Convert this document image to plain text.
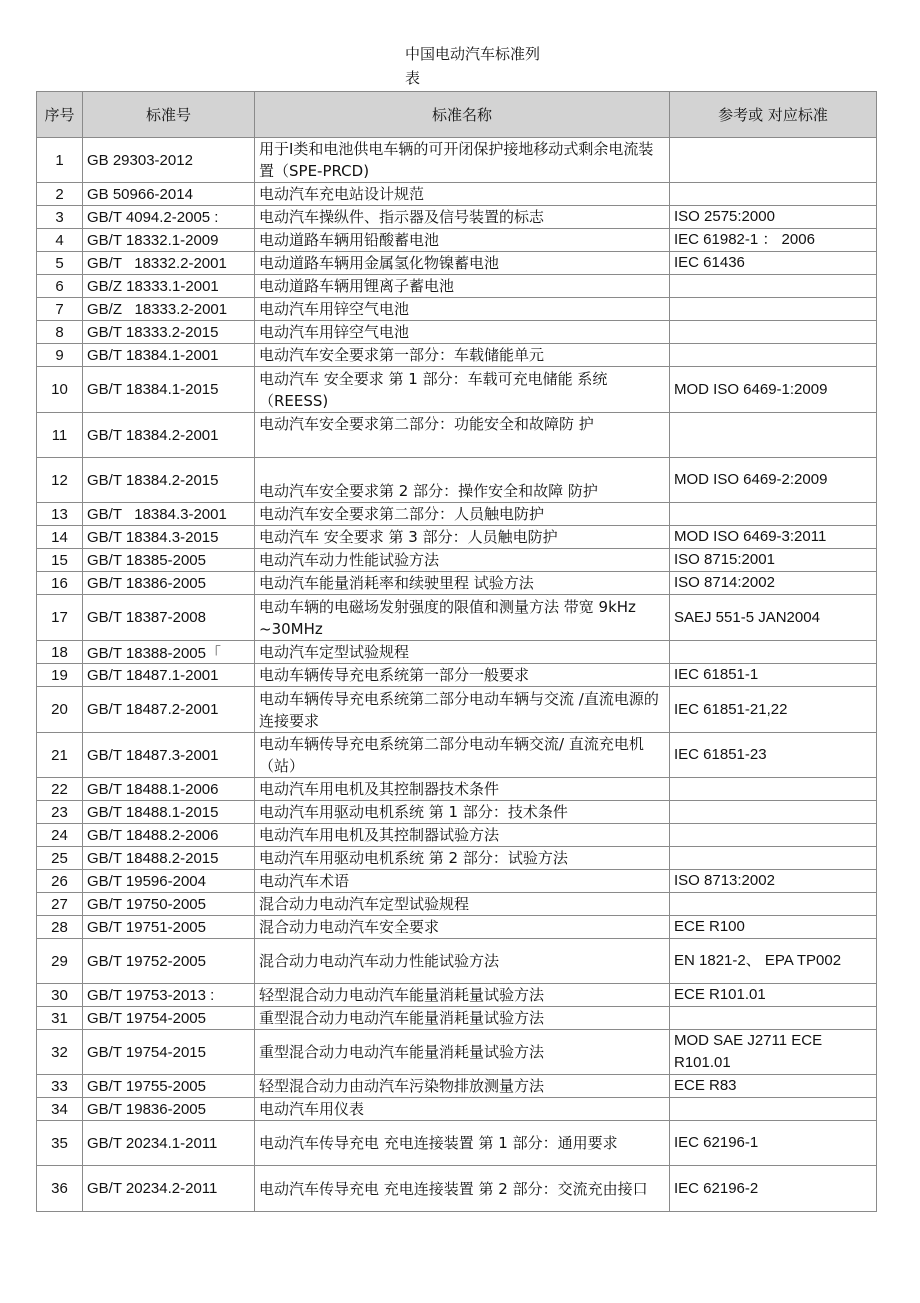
中国电动汽车标准列
表
序号	标准号	标准名称	参考或 对应标准
1	GB 29303-2012	用于Ⅰ类和电池供电车辆的可开闭保护接地移动式剩余电流装置（SPE-PRCD)	
2	GB 50966-2014	电动汽车充电站设计规范	
3	GB/T 4094.2-2005 :	电动汽车操纵件、指示器及信号装置的标志	ISO 2575:2000
4	GB/T 18332.1-2009	电动道路车辆用铅酸蓄电池	IEC 61982-1 ： 2006
5	GB/T   18332.2-2001	电动道路车辆用金属氢化物镍蓄电池	IEC 61436
6	GB/Z 18333.1-2001	电动道路车辆用锂离子蓄电池	
7	GB/Z   18333.2-2001	电动汽车用锌空气电池	
8	GB/T 18333.2-2015	电动汽车用锌空气电池	
9	GB/T 18384.1-2001	电动汽车安全要求第一部分：车载储能单元	
10	GB/T 18384.1-2015	电动汽车 安全要求 第 1 部分：车载可充电储能 系统（REESS)	MOD ISO 6469-1:2009
11	GB/T 18384.2-2001	电动汽车安全要求第二部分：功能安全和故障防 护	
12	GB/T 18384.2-2015	电动汽车安全要求第 2 部分：操作安全和故障 防护	MOD ISO 6469-2:2009
13	GB/T   18384.3-2001	电动汽车安全要求第二部分：人员触电防护	
14	GB/T 18384.3-2015	电动汽车 安全要求 第 3 部分：人员触电防护	MOD ISO 6469-3:2011
15	GB/T 18385-2005	电动汽车动力性能试验方法	ISO 8715:2001
16	GB/T 18386-2005	电动汽车能量消耗率和续驶里程 试验方法	ISO 8714:2002
17	GB/T 18387-2008	电动车辆的电磁场发射强度的限值和测量方法 带宽 9kHz ~30MHz	SAEJ 551-5 JAN2004
18	GB/T 18388-2005「	电动汽车定型试验规程	
19	GB/T 18487.1-2001	电动车辆传导充电系统第一部分一般要求	IEC 61851-1
20	GB/T 18487.2-2001	电动车辆传导充电系统第二部分电动车辆与交流 /直流电源的连接要求	IEC 61851-21,22
21	GB/T 18487.3-2001	电动车辆传导充电系统第二部分电动车辆交流/ 直流充电机（站）	IEC 61851-23
22	GB/T 18488.1-2006	电动汽车用电机及其控制器技术条件	
23	GB/T 18488.1-2015	电动汽车用驱动电机系统 第 1 部分：技术条件	
24	GB/T 18488.2-2006	电动汽车用电机及其控制器试验方法	
25	GB/T 18488.2-2015	电动汽车用驱动电机系统 第 2 部分：试验方法	
26	GB/T 19596-2004	电动汽车术语	ISO 8713:2002
27	GB/T 19750-2005	混合动力电动汽车定型试验规程	
28	GB/T 19751-2005	混合动力电动汽车安全要求	ECE R100
29	GB/T 19752-2005	混合动力电动汽车动力性能试验方法	EN 1821-2、 EPA TP002
30	GB/T 19753-2013 :	轻型混合动力电动汽车能量消耗量试验方法	ECE R101.01
31	GB/T 19754-2005	重型混合动力电动汽车能量消耗量试验方法	
32	GB/T 19754-2015	重型混合动力电动汽车能量消耗量试验方法	MOD SAE J2711 ECE R101.01
33	GB/T 19755-2005	轻型混合动力由动汽车污染物排放测量方法	ECE R83
34	GB/T 19836-2005	电动汽车用仪表	
35	GB/T 20234.1-2011	电动汽车传导充电 充电连接装置 第 1 部分：通用要求	IEC 62196-1
36	GB/T 20234.2-2011	电动汽车传导充电 充电连接装置 第 2 部分：交流充由接口	IEC 62196-2
